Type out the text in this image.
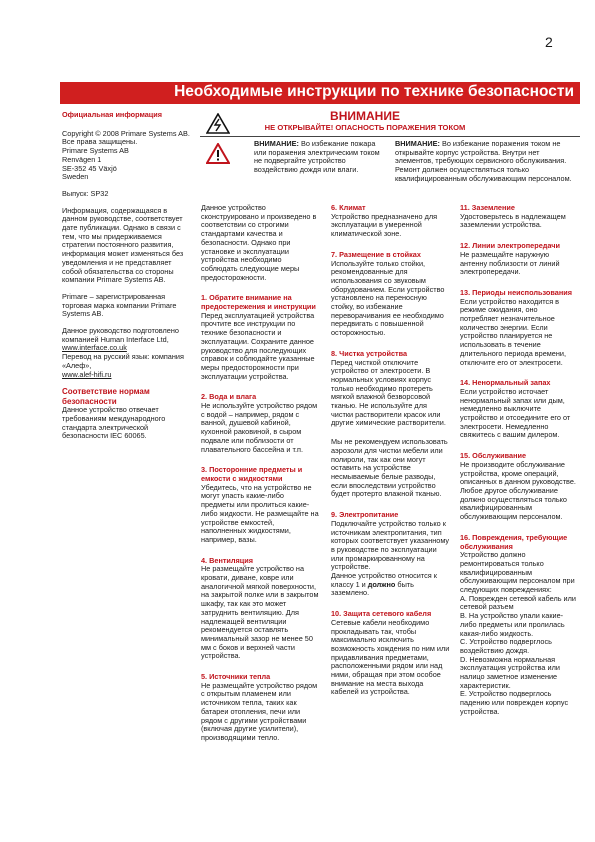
2
Необходимые инструкции по технике безопасности
ВНИМАНИЕ
НЕ ОТКРЫВАЙТЕ! ОПАСНОСТЬ ПОРАЖЕНИЯ ТОКОМ
ВНИМАНИЕ: Во избежание пожара или поражения электрическим током не подвергайте устройство воздействию дождя или влаги.
ВНИМАНИЕ: Во избежание поражения током не открывайте корпус устройства. Внутри нет элементов, требующих сервисного обслуживания. Ремонт должен осуществляться только квалифицированным обслуживающим персоналом.

Официальная информация

Copyright © 2008 Primare Systems AB. Все права защищены.
Primare Systems AB
Renvägen 1
SE-352 45 Växjö
Sweden

Выпуск: SP32

Информация, содержащаяся в данном руководстве, соответствует дате публикации. Однако в связи с тем, что мы придерживаемся стратегии постоянного развития, информация может изменяться без уведомления и не представляет собой обязательства со стороны компании Primare Systems AB.

Primare – зарегистрированная торговая марка компании Primare Systems AB.

Данное руководство подготовлено компанией Human Interface Ltd, www.interface.co.uk
Перевод на русский язык: компания «Алеф»,
www.alef-hifi.ru

Соответствие нормам безопасности

Данное устройство отвечает требованиям международного стандарта электрической безопасности IEC 60065.

Данное устройство сконструировано и произведено в соответствии со строгими стандартами качества и безопасности. Однако при установке и эксплуатации устройства необходимо соблюдать следующие меры предосторожности.

1. Обратите внимание на предостережения и инструкции

Перед эксплуатацией устройства прочтите все инструкции по технике безопасности и эксплуатации. Сохраните данное руководство для последующих справок и соблюдайте указанные меры предосторожности при эксплуатации устройства.

2. Вода и влага

Не используйте устройство рядом с водой – например, рядом с ванной, душевой кабиной, кухонной раковиной, в сыром подвале или поблизости от плавательного бассейна и т.п.

3. Посторонние предметы и емкости с жидкостями

Убедитесь, что на устройство не могут упасть какие-либо предметы или пролиться какие-либо жидкости. Не размещайте на устройстве емкостей, наполненных жидкостями, например, вазы.

4. Вентиляция

Не размещайте устройство на кровати, диване, ковре или аналогичной мягкой поверхности, на закрытой полке или в закрытом шкафу, так как это может затруднить вентиляцию. Для надлежащей вентиляции рекомендуется оставлять минимальный зазор не менее 50 мм с боков и верхней части устройства.

5. Источники тепла

Не размещайте устройство рядом с открытым пламенем или источником тепла, таких как батареи отопления, печи или рядом с другими устройствами (включая другие усилители), производящими тепло.

6. Климат

Устройство предназначено для эксплуатации в умеренной климатической зоне.

7. Размещение в стойках

Используйте только стойки, рекомендованные для использования со звуковым оборудованием. Если устройство установлено на переносную стойку, во избежание переворачивания ее необходимо передвигать с повышенной осторожностью.

8. Чистка устройства

Перед чисткой отключите устройство от электросети. В нормальных условиях корпус только необходимо протереть мягкой влажной безворсовой тканью. Не используйте для чистки растворители красок или другие химические растворители.

Мы не рекомендуем использовать аэрозоли для чистки мебели или полироли, так как они могут оставить на устройстве несмываемые белые разводы, если впоследствии устройство будет протерто влажной тканью.

9. Электропитание

Подключайте устройство только к источникам электропитания, тип которых соответствует указанному в руководстве по эксплуатации или промаркированному на устройстве.

Данное устройство относится к классу 1 и должно быть заземлено.

10. Защита сетевого кабеля

Сетевые кабели необходимо прокладывать так, чтобы максимально исключить возможность хождения по ним или придавливания предметами, расположенными рядом или над ними, обращая при этом особое внимание на места выхода кабелей из устройства.

11. Заземление

Удостоверьтесь в надлежащем заземлении устройства.

12. Линии электропередачи

Не размещайте наружную антенну поблизости от линий электропередачи.

13. Периоды неиспользования

Если устройство находится в режиме ожидания, оно потребляет незначительное количество энергии. Если устройство планируется не использовать в течение длительного периода времени, отключите его от электросети.

14. Ненормальный запах

Если устройство источает ненормальный запах или дым, немедленно выключите устройство и отсоедините его от электросети. Немедленно свяжитесь с вашим дилером.

15. Обслуживание

Не производите обслуживание устройства, кроме операций, описанных в данном руководстве. Любое другое обслуживание должно осуществляться только квалифицированным обслуживающим персоналом.

16. Повреждения, требующие обслуживания

Устройство должно ремонтироваться только квалифицированным обслуживающим персоналом при следующих повреждениях:

A. Поврежден сетевой кабель или сетевой разъем

B. На устройство упали какие-либо предметы или пролилась какая-либо жидкость.

C. Устройство подверглось воздействию дождя.

D. Невозможна нормальная эксплуатация устройства или налицо заметное изменение характеристик.

E. Устройство подверглось падению или поврежден корпус устройства.
